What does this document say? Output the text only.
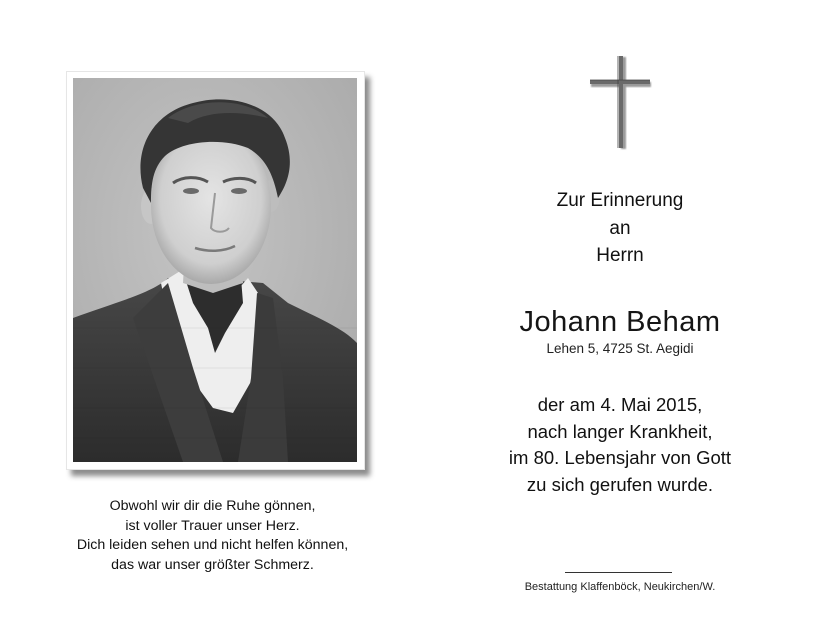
Obwohl wir dir die Ruhe gönnen,
ist voller Trauer unser Herz.
Dich leiden sehen und nicht helfen können,
das war unser größter Schmerz.
Zur Erinnerung
an
Herrn
Johann Beham
Lehen 5, 4725 St. Aegidi
der am 4. Mai 2015,
nach langer Krankheit,
im 80. Lebensjahr von Gott
zu sich gerufen wurde.
Bestattung Klaffenböck, Neukirchen/W.
